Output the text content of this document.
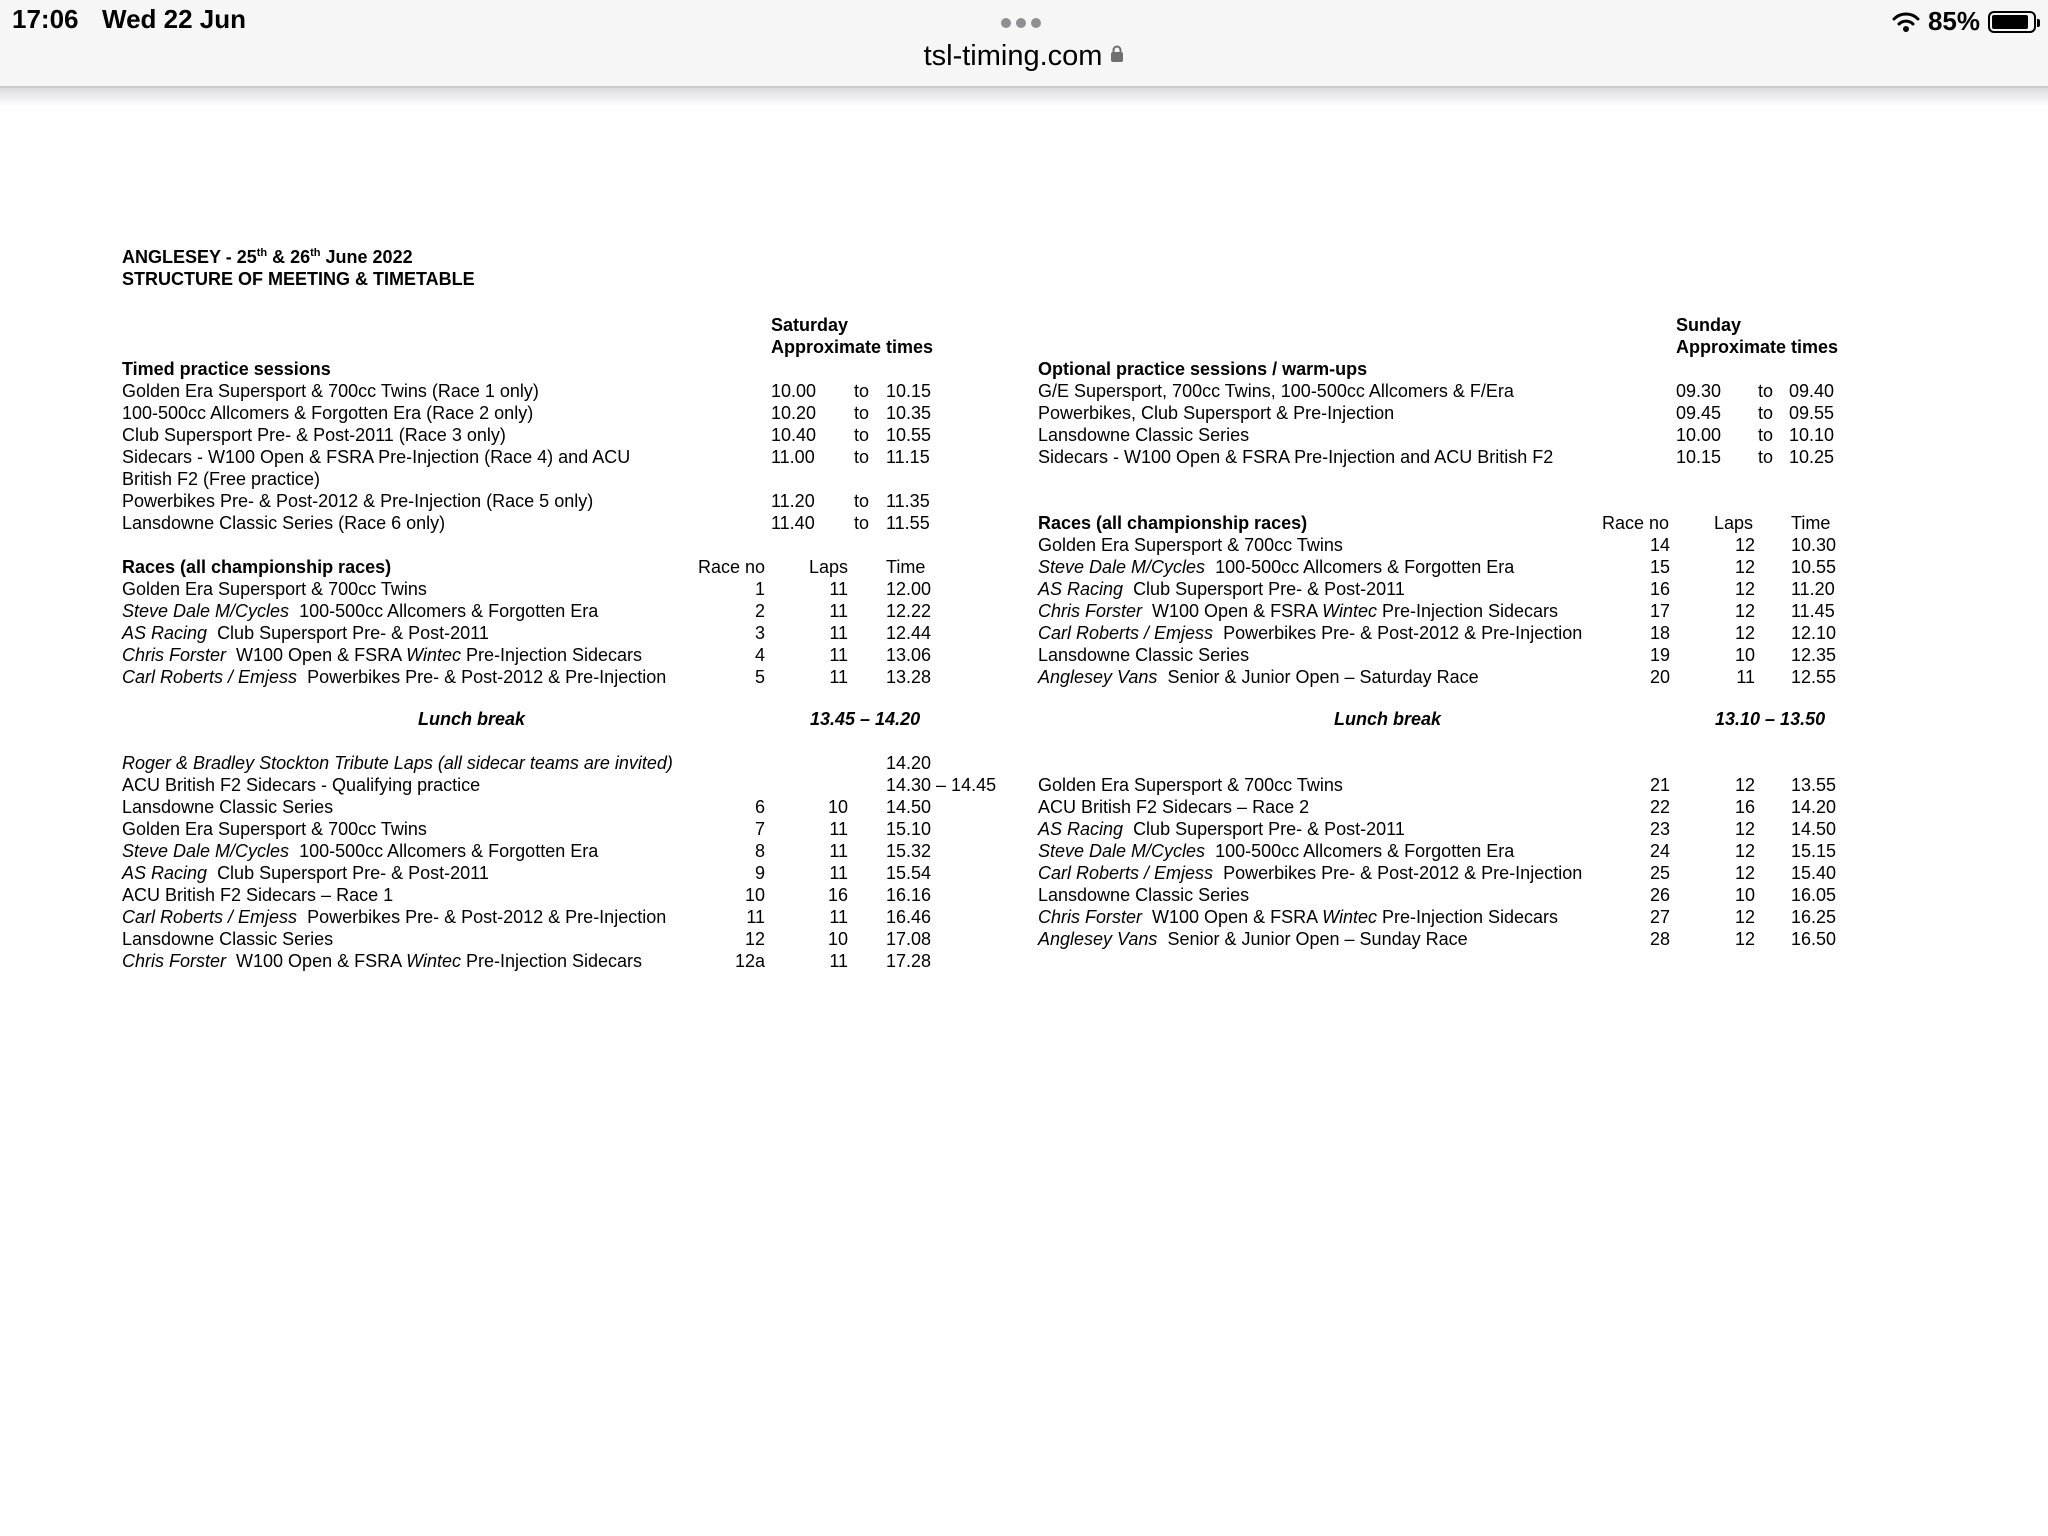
17:06 Wed 22 Jun
tsl-timing.com
85%
ANGLESEY - 25th & 26th June 2022
STRUCTURE OF MEETING & TIMETABLE
Saturday
Approximate times
Timed practice sessions
Golden Era Supersport & 700cc Twins (Race 1 only)	10.00 to 10.15
100-500cc Allcomers & Forgotten Era (Race 2 only)	10.20 to 10.35
Club Supersport Pre- & Post-2011 (Race 3 only)	10.40 to 10.55
Sidecars - W100 Open & FSRA Pre-Injection (Race 4) and ACU	11.00 to 11.15
British F2 (Free practice)
Powerbikes Pre- & Post-2012 & Pre-Injection (Race 5 only)	11.20 to 11.35
Lansdowne Classic Series (Race 6 only)	11.40 to 11.55
Races (all championship races)	Race no Laps Time
Golden Era Supersport & 700cc Twins	1	11 12.00
Steve Dale M/Cycles 100-500cc Allcomers & Forgotten Era	2	11 12.22
AS Racing Club Supersport Pre- & Post-2011	3	11 12.44
Chris Forster W100 Open & FSRA Wintec Pre-Injection Sidecars	4	11 13.06
Carl Roberts / Emjess Powerbikes Pre- & Post-2012 & Pre-Injection	5	11 13.28
Lunch break	13.45 – 14.20
Roger & Bradley Stockton Tribute Laps (all sidecar teams are invited)	14.20
ACU British F2 Sidecars - Qualifying practice	14.30 – 14.45
Lansdowne Classic Series	6	10 14.50
Golden Era Supersport & 700cc Twins	7	11 15.10
Steve Dale M/Cycles 100-500cc Allcomers & Forgotten Era	8	11 15.32
AS Racing Club Supersport Pre- & Post-2011	9	11 15.54
ACU British F2 Sidecars – Race 1	10	16 16.16
Carl Roberts / Emjess Powerbikes Pre- & Post-2012 & Pre-Injection	11	11 16.46
Lansdowne Classic Series	12	10 17.08
Chris Forster W100 Open & FSRA Wintec Pre-Injection Sidecars	12a	11 17.28
Sunday
Approximate times
Optional practice sessions / warm-ups
G/E Supersport, 700cc Twins, 100-500cc Allcomers & F/Era	09.30 to 09.40
Powerbikes, Club Supersport & Pre-Injection	09.45 to 09.55
Lansdowne Classic Series	10.00 to 10.10
Sidecars - W100 Open & FSRA Pre-Injection and ACU British F2	10.15 to 10.25
Races (all championship races)	Race no Laps Time
Golden Era Supersport & 700cc Twins	14	12 10.30
Steve Dale M/Cycles 100-500cc Allcomers & Forgotten Era	15	12 10.55
AS Racing Club Supersport Pre- & Post-2011	16	12 11.20
Chris Forster W100 Open & FSRA Wintec Pre-Injection Sidecars	17	12 11.45
Carl Roberts / Emjess Powerbikes Pre- & Post-2012 & Pre-Injection	18	12 12.10
Lansdowne Classic Series	19	10 12.35
Anglesey Vans Senior & Junior Open – Saturday Race	20	11 12.55
Lunch break	13.10 – 13.50
Golden Era Supersport & 700cc Twins	21	12 13.55
ACU British F2 Sidecars – Race 2	22	16 14.20
AS Racing Club Supersport Pre- & Post-2011	23	12 14.50
Steve Dale M/Cycles 100-500cc Allcomers & Forgotten Era	24	12 15.15
Carl Roberts / Emjess Powerbikes Pre- & Post-2012 & Pre-Injection	25	12 15.40
Lansdowne Classic Series	26	10 16.05
Chris Forster W100 Open & FSRA Wintec Pre-Injection Sidecars	27	12 16.25
Anglesey Vans Senior & Junior Open – Sunday Race	28	12 16.50
